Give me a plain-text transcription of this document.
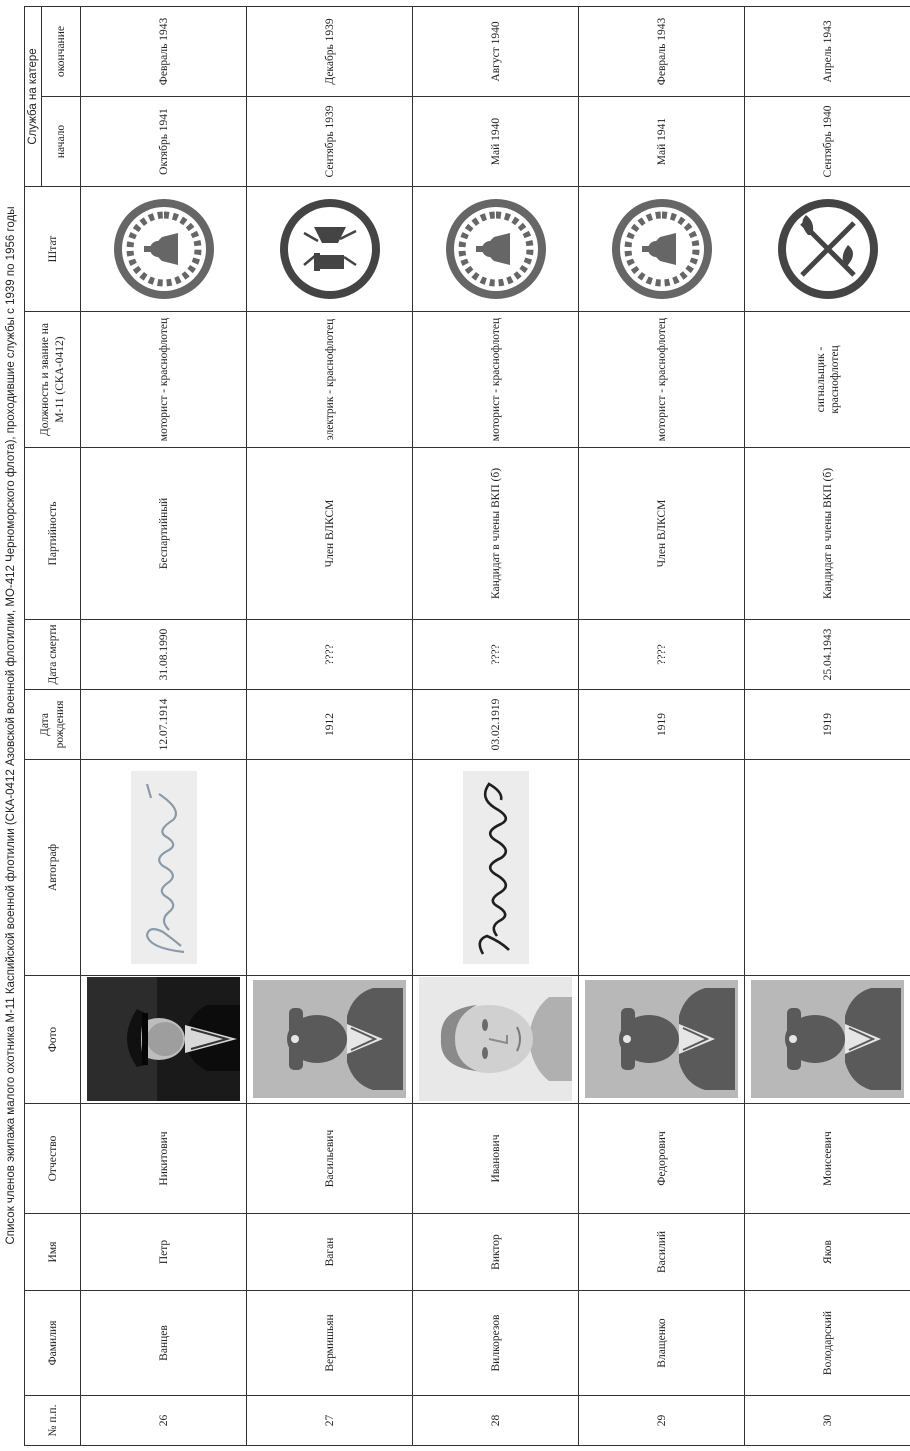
Список членов экипажа малого охотника М-11 Каспийской военной флотилии (СКА-0412 Азовской военной флотилии, МО-412 Черноморского флота), проходившие службы с 1939 по 1956 годы
№ п.п.	Фамилия	Имя	Отчество	Фото	Автограф	Дата рождения	Дата смерти	Партийность	Должность и звание на М-11 (СКА-0412)	Штат	Служба на катере	
											начало	окончание
26	Ванцев	Петр	Никитович			12.07.1914	31.08.1990	Беспартийный	моторист - краснофлотец		Октябрь 1941	Февраль 1943
27	Вермишьян	Ваган	Васильевич			1912	????	Член ВЛКСМ	электрик - краснофлотец		Сентябрь 1939	Декабрь 1939
28	Вилкорезов	Виктор	Иванович			03.02.1919	????	Кандидат в члены ВКП (б)	моторист - краснофлотец		Май 1940	Август 1940
29	Влащенко	Василий	Федорович			1919	????	Член ВЛКСМ	моторист - краснофлотец		Май 1941	Февраль 1943
30	Володарский	Яков	Моисеевич			1919	25.04.1943	Кандидат в члены ВКП (б)	сигнальщик - краснофлотец		Сентябрь 1940	Апрель 1943
